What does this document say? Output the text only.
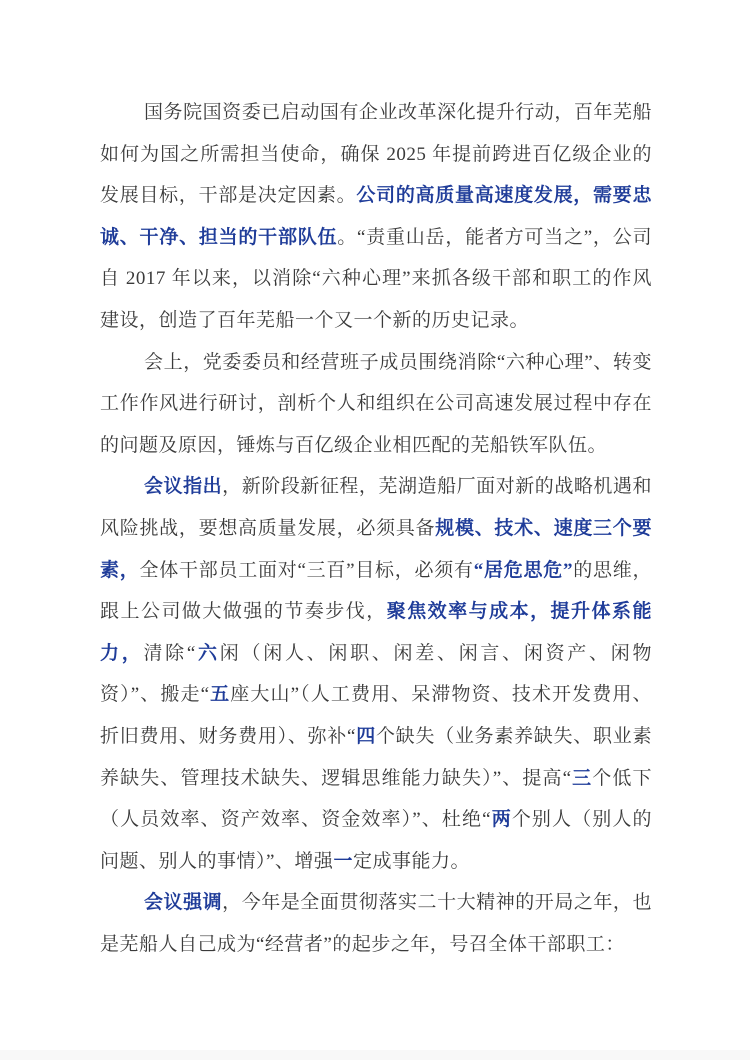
国务院国资委已启动国有企业改革深化提升行动，百年芜船如何为国之所需担当使命，确保 2025 年提前跨进百亿级企业的发展目标，干部是决定因素。公司的高质量高速度发展，需要忠诚、干净、担当的干部队伍。“责重山岳，能者方可当之”，公司自 2017 年以来，以消除“六种心理”来抓各级干部和职工的作风建设，创造了百年芜船一个又一个新的历史记录。

会上，党委委员和经营班子成员围绕消除“六种心理”、转变工作作风进行研讨，剖析个人和组织在公司高速发展过程中存在的问题及原因，锤炼与百亿级企业相匹配的芜船铁军队伍。

会议指出，新阶段新征程，芜湖造船厂面对新的战略机遇和风险挑战，要想高质量发展，必须具备规模、技术、速度三个要素，全体干部员工面对“三百”目标，必须有“居危思危”的思维，跟上公司做大做强的节奏步伐，聚焦效率与成本，提升体系能力，清除“六闲（闲人、闲职、闲差、闲言、闲资产、闲物资）”、搬走“五座大山”（人工费用、呆滞物资、技术开发费用、折旧费用、财务费用）、弥补“四个缺失（业务素养缺失、职业素养缺失、管理技术缺失、逻辑思维能力缺失）”、提高“三个低下（人员效率、资产效率、资金效率）”、杜绝“两个别人（别人的问题、别人的事情）”、增强一定成事能力。

会议强调，今年是全面贯彻落实二十大精神的开局之年，也是芜船人自己成为“经营者”的起步之年，号召全体干部职工：
